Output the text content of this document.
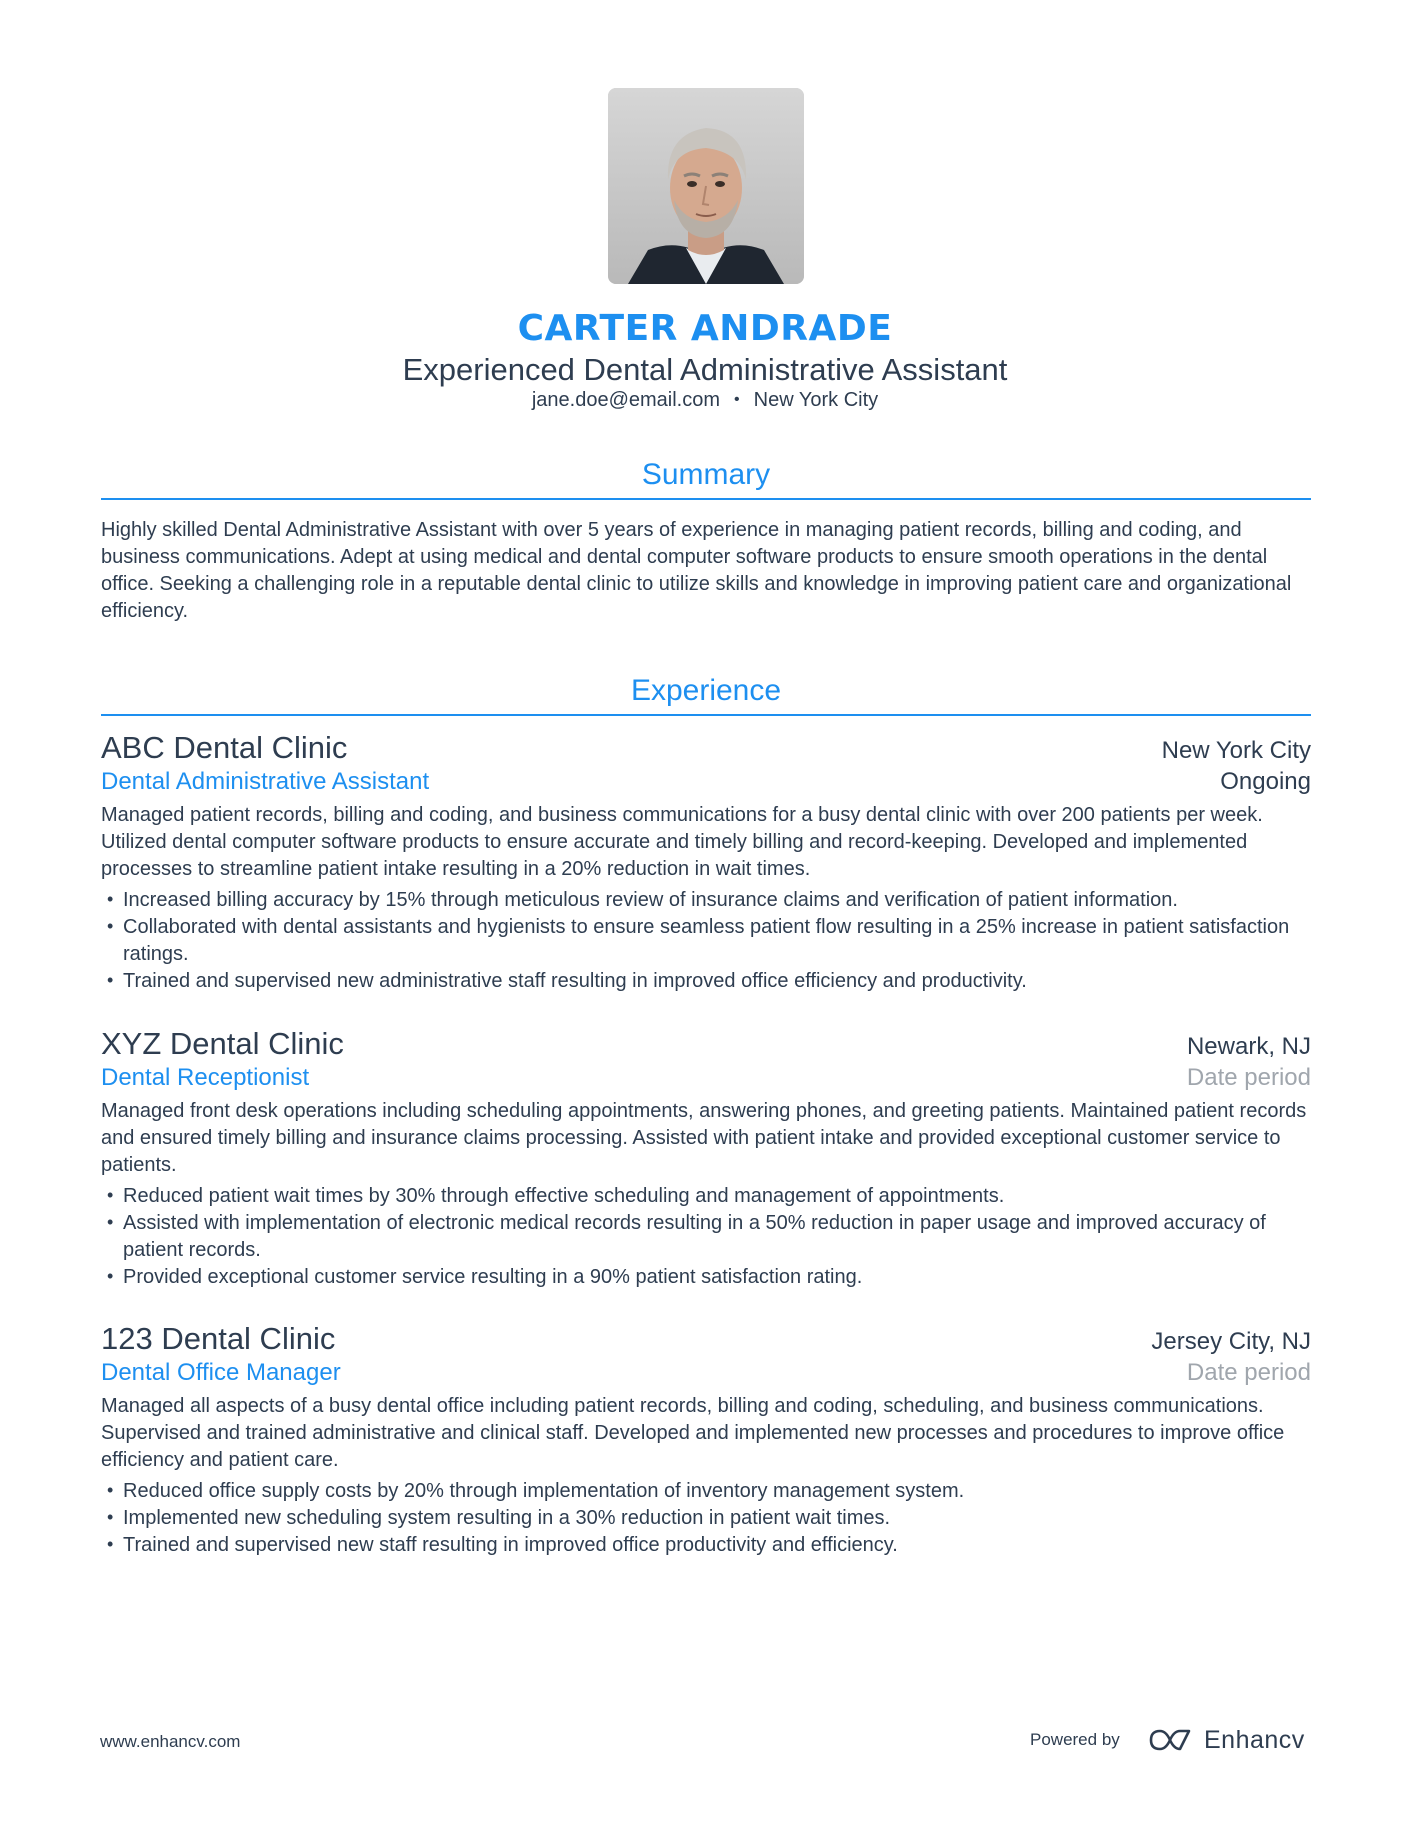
CARTER ANDRADE
Experienced Dental Administrative Assistant
jane.doe@email.com • New York City
Summary
Highly skilled Dental Administrative Assistant with over 5 years of experience in managing patient records, billing and coding, and business communications. Adept at using medical and dental computer software products to ensure smooth operations in the dental office. Seeking a challenging role in a reputable dental clinic to utilize skills and knowledge in improving patient care and organizational efficiency.
Experience
ABC Dental Clinic	New York City
Dental Administrative Assistant	Ongoing
Managed patient records, billing and coding, and business communications for a busy dental clinic with over 200 patients per week. Utilized dental computer software products to ensure accurate and timely billing and record-keeping. Developed and implemented processes to streamline patient intake resulting in a 20% reduction in wait times.
• Increased billing accuracy by 15% through meticulous review of insurance claims and verification of patient information.
• Collaborated with dental assistants and hygienists to ensure seamless patient flow resulting in a 25% increase in patient satisfaction ratings.
• Trained and supervised new administrative staff resulting in improved office efficiency and productivity.
XYZ Dental Clinic	Newark, NJ
Dental Receptionist	Date period
Managed front desk operations including scheduling appointments, answering phones, and greeting patients. Maintained patient records and ensured timely billing and insurance claims processing. Assisted with patient intake and provided exceptional customer service to patients.
• Reduced patient wait times by 30% through effective scheduling and management of appointments.
• Assisted with implementation of electronic medical records resulting in a 50% reduction in paper usage and improved accuracy of patient records.
• Provided exceptional customer service resulting in a 90% patient satisfaction rating.
123 Dental Clinic	Jersey City, NJ
Dental Office Manager	Date period
Managed all aspects of a busy dental office including patient records, billing and coding, scheduling, and business communications. Supervised and trained administrative and clinical staff. Developed and implemented new processes and procedures to improve office efficiency and patient care.
• Reduced office supply costs by 20% through implementation of inventory management system.
• Implemented new scheduling system resulting in a 30% reduction in patient wait times.
• Trained and supervised new staff resulting in improved office productivity and efficiency.
www.enhancv.com	Powered by	Enhancv
